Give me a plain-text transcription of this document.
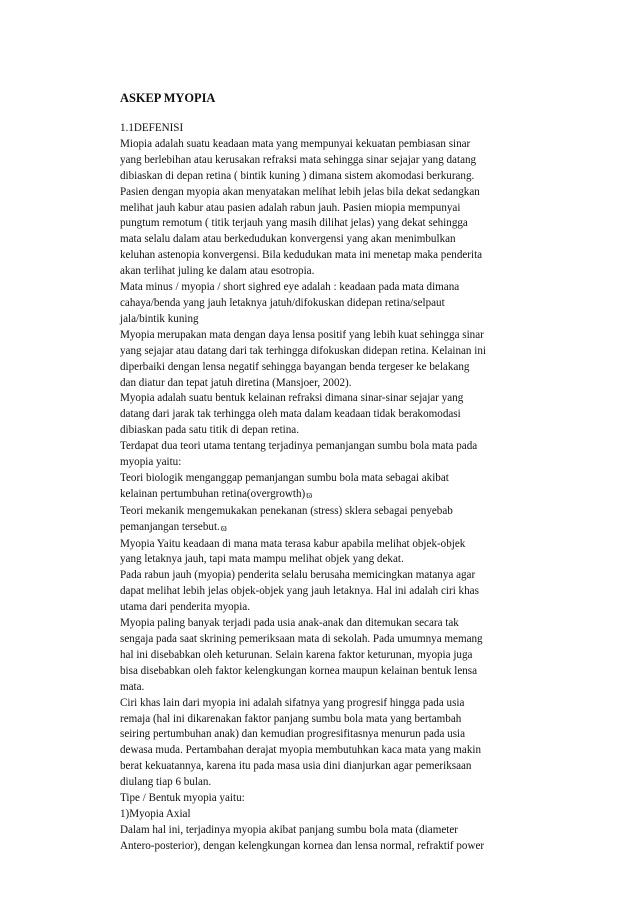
ASKEP MYOPIA
1.1DEFENISI
Miopia adalah suatu keadaan mata yang mempunyai kekuatan pembiasan sinar
yang berlebihan atau kerusakan refraksi mata sehingga sinar sejajar yang datang
dibiaskan di depan retina ( bintik kuning ) dimana sistem akomodasi berkurang.
Pasien dengan myopia akan menyatakan melihat lebih jelas bila dekat sedangkan
melihat jauh kabur atau pasien adalah rabun jauh. Pasien miopia mempunyai
pungtum remotum ( titik terjauh yang masih dilihat jelas) yang dekat sehingga
mata selalu dalam atau berkedudukan konvergensi yang akan menimbulkan
keluhan astenopia konvergensi. Bila kedudukan mata ini menetap maka penderita
akan terlihat juling ke dalam atau esotropia.
Mata minus / myopia / short sighred eye adalah : keadaan pada mata dimana
cahaya/benda yang jauh letaknya jatuh/difokuskan didepan retina/selpaut
jala/bintik kuning
Myopia merupakan mata dengan daya lensa positif yang lebih kuat sehingga sinar
yang sejajar atau datang dari tak terhingga difokuskan didepan retina. Kelainan ini
diperbaiki dengan lensa negatif sehingga bayangan benda tergeser ke belakang
dan diatur dan tepat jatuh diretina (Mansjoer, 2002).
Myopia adalah suatu bentuk kelainan refraksi dimana sinar-sinar sejajar yang
datang dari jarak tak terhingga oleh mata dalam keadaan tidak berakomodasi
dibiaskan pada satu titik di depan retina.
Terdapat dua teori utama tentang terjadinya pemanjangan sumbu bola mata pada
myopia yaitu:
Teori biologik menganggap pemanjangan sumbu bola mata sebagai akibat
kelainan pertumbuhan retina(overgrowth)ϖ
Teori mekanik mengemukakan penekanan (stress) sklera sebagai penyebab
pemanjangan tersebut.ϖ
Myopia Yaitu keadaan di mana mata terasa kabur apabila melihat objek-objek
yang letaknya jauh, tapi mata mampu melihat objek yang dekat.
Pada rabun jauh (myopia) penderita selalu berusaha memicingkan matanya agar
dapat melihat lebih jelas objek-objek yang jauh letaknya. Hal ini adalah ciri khas
utama dari penderita myopia.
Myopia paling banyak terjadi pada usia anak-anak dan ditemukan secara tak
sengaja pada saat skrining pemeriksaan mata di sekolah. Pada umumnya memang
hal ini disebabkan oleh keturunan. Selain karena faktor keturunan, myopia juga
bisa disebabkan oleh faktor kelengkungan kornea maupun kelainan bentuk lensa
mata.
Ciri khas lain dari myopia ini adalah sifatnya yang progresif hingga pada usia
remaja (hal ini dikarenakan faktor panjang sumbu bola mata yang bertambah
seiring pertumbuhan anak) dan kemudian progresifitasnya menurun pada usia
dewasa muda. Pertambahan derajat myopia membutuhkan kaca mata yang makin
berat kekuatannya, karena itu pada masa usia dini dianjurkan agar pemeriksaan
diulang tiap 6 bulan.
Tipe / Bentuk myopia yaitu:
1)Myopia Axial
Dalam hal ini, terjadinya myopia akibat panjang sumbu bola mata (diameter
Antero-posterior), dengan kelengkungan kornea dan lensa normal, refraktif power
